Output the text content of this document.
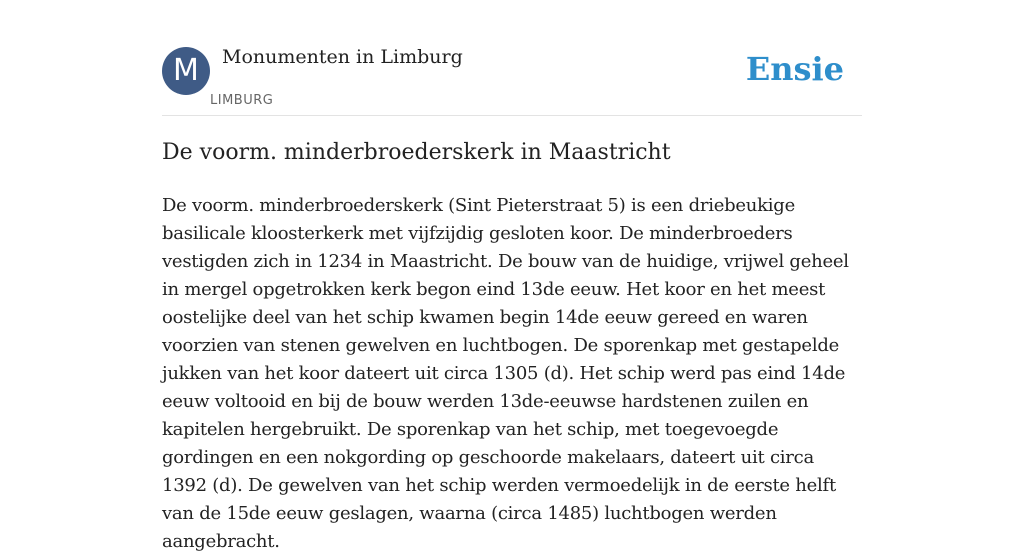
M	Monumenten in Limburg
LIMBURG
Ensie
De voorm. minderbroederskerk in Maastricht

De voorm. minderbroederskerk (Sint Pieterstraat 5) is een driebeukige basilicale kloosterkerk met vijfzijdig gesloten koor. De minderbroeders vestigden zich in 1234 in Maastricht. De bouw van de huidige, vrijwel geheel in mergel opgetrokken kerk begon eind 13de eeuw. Het koor en het meest oostelijke deel van het schip kwamen begin 14de eeuw gereed en waren voorzien van stenen gewelven en luchtbogen. De sporenkap met gestapelde jukken van het koor dateert uit circa 1305 (d). Het schip werd pas eind 14de eeuw voltooid en bij de bouw werden 13de-eeuwse hardstenen zuilen en kapitelen hergebruikt. De sporenkap van het schip, met toegevoegde gordingen en een nokgording op geschoorde makelaars, dateert uit circa 1392 (d). De gewelven van het schip werden vermoedelijk in de eerste helft van de 15de eeuw geslagen, waarna (circa 1485) luchtbogen werden aangebracht.
